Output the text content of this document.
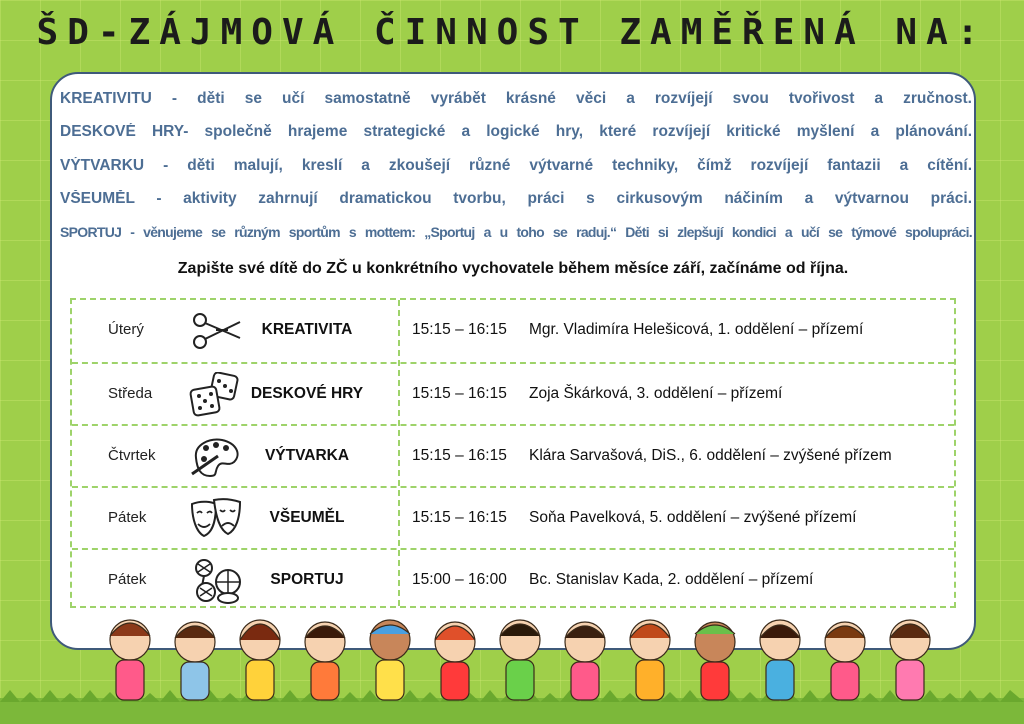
ŠD-ZÁJMOVÁ ČINNOST ZAMĚŘENÁ NA:
KREATIVITU - děti se učí samostatně vyrábět krásné věci a rozvíjejí svou tvořivost a zručnost.
DESKOVÉ HRY- společně hrajeme strategické a logické hry, které rozvíjejí kritické myšlení a plánování.
VÝTVARKU - děti malují, kreslí a zkoušejí různé výtvarné techniky, čímž rozvíjejí fantazii a cítění.
VŠEUMĚL - aktivity zahrnují dramatickou tvorbu, práci s cirkusovým náčiním a výtvarnou práci.
SPORTUJ - věnujeme se různým sportům s mottem: „Sportuj a u toho se raduj.“ Děti si zlepšují kondici a učí se týmové spolupráci.
Zapište své dítě do ZČ u konkrétního vychovatele během měsíce září, začínáme od října.
Úterý	KREATIVITA	15:15 – 16:15 Mgr. Vladimíra Helešicová, 1. oddělení – přízemí
Středa	DESKOVÉ HRY	15:15 – 16:15 Zoja Škárková, 3. oddělení – přízemí
Čtvrtek	VÝTVARKA	15:15 – 16:15 Klára Sarvašová, DiS., 6. oddělení – zvýšené přízem
Pátek	VŠEUMĚL	15:15 – 16:15 Soňa Pavelková, 5. oddělení – zvýšené přízemí
Pátek	SPORTUJ	15:00 – 16:00 Bc. Stanislav Kada, 2. oddělení – přízemí
